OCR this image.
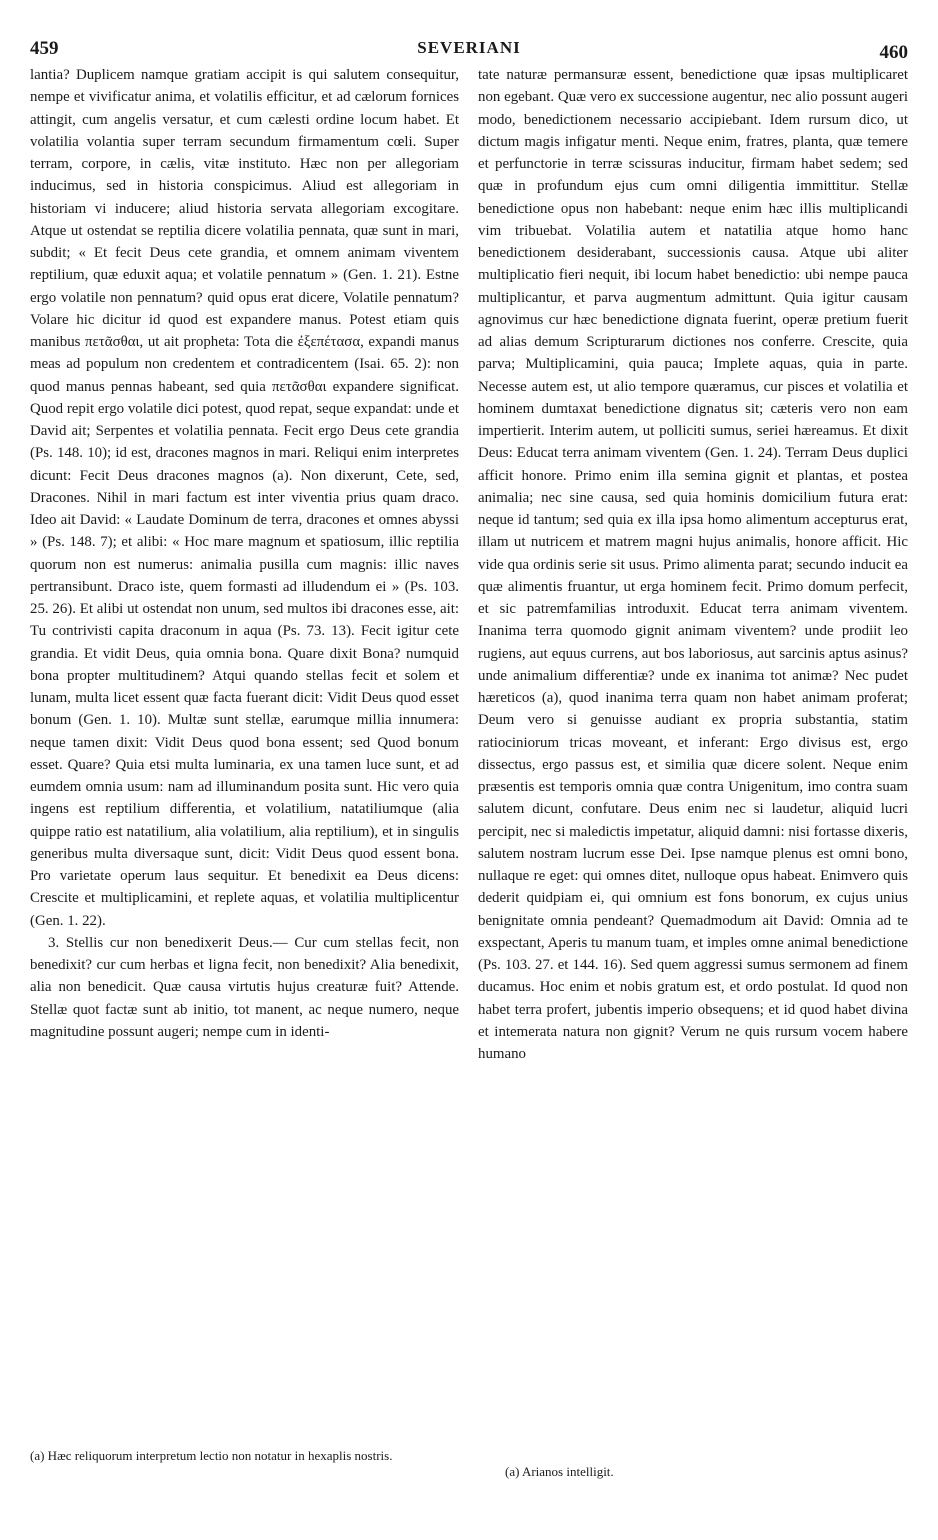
459	SEVERIANI	460

lantia? Duplicem namque gratiam accipit is qui salutem consequitur, nempe et vivificatur anima, et volatilis efficitur, et ad cælorum fornices attingit, cum angelis versatur, et cum cælesti ordine locum habet. Et volatilia volantia super terram secundum firmamentum cœli. Super terram, corpore, in cælis, vitæ instituto. Hæc non per allegoriam inducimus, sed in historia conspicimus. Aliud est allegoriam in historiam vi inducere; aliud historia servata allegoriam excogitare. Atque ut ostendat se reptilia dicere volatilia pennata, quæ sunt in mari, subdit; « Et fecit Deus cete grandia, et omnem animam viventem reptilium, quæ eduxit aqua; et volatile pennatum » (Gen. 1. 21). Estne ergo volatile non pennatum? quid opus erat dicere, Volatile pennatum? Volare hic dicitur id quod est expandere manus. Potest etiam quis manibus πετᾶσθαι, ut ait propheta: Tota die ἐξεπέτασα, expandi manus meas ad populum non credentem et contradicentem (Isai. 65. 2): non quod manus pennas habeant, sed quia πετᾶσθαι expandere significat. Quod repit ergo volatile dici potest, quod repat, seque expandat: unde et David ait; Serpentes et volatilia pennata. Fecit ergo Deus cete grandia (Ps. 148. 10); id est, dracones magnos in mari. Reliqui enim interpretes dicunt: Fecit Deus dracones magnos (a). Non dixerunt, Cete, sed, Dracones. Nihil in mari factum est inter viventia prius quam draco. Ideo ait David: « Laudate Dominum de terra, dracones et omnes abyssi » (Ps. 148. 7); et alibi: « Hoc mare magnum et spatiosum, illic reptilia quorum non est numerus: animalia pusilla cum magnis: illic naves pertransibunt. Draco iste, quem formasti ad illudendum ei » (Ps. 103. 25. 26). Et alibi ut ostendat non unum, sed multos ibi dracones esse, ait: Tu contrivisti capita draconum in aqua (Ps. 73. 13). Fecit igitur cete grandia. Et vidit Deus, quia omnia bona. Quare dixit Bona? numquid bona propter multitudinem? Atqui quando stellas fecit et solem et lunam, multa licet essent quæ facta fuerant dicit: Vidit Deus quod esset bonum (Gen. 1. 10). Multæ sunt stellæ, earumque millia innumera: neque tamen dixit: Vidit Deus quod bona essent; sed Quod bonum esset. Quare? Quia etsi multa luminaria, ex una tamen luce sunt, et ad eumdem omnia usum: nam ad illuminandum posita sunt. Hic vero quia ingens est reptilium differentia, et volatilium, natatiliumque (alia quippe ratio est natatilium, alia volatilium, alia reptilium), et in singulis generibus multa diversaque sunt, dicit: Vidit Deus quod essent bona. Pro varietate operum laus sequitur. Et benedixit ea Deus dicens: Crescite et multiplicamini, et replete aquas, et volatilia multiplicentur (Gen. 1. 22).

3. Stellis cur non benedixerit Deus.— Cur cum stellas fecit, non benedixit? cur cum herbas et ligna fecit, non benedixit? Alia benedixit, alia non benedicit. Quæ causa virtutis hujus creaturæ fuit? Attende. Stellæ quot factæ sunt ab initio, tot manent, ac neque numero, neque magnitudine possunt augeri; nempe cum in identi-

tate naturæ permansuræ essent, benedictione quæ ipsas multiplicaret non egebant. Quæ vero ex successione augentur, nec alio possunt augeri modo, benedictionem necessario accipiebant. Idem rursum dico, ut dictum magis infigatur menti. Neque enim, fratres, planta, quæ temere et perfunctorie in terræ scissuras inducitur, firmam habet sedem; sed quæ in profundum ejus cum omni diligentia immittitur. Stellæ benedictione opus non habebant: neque enim hæc illis multiplicandi vim tribuebat. Volatilia autem et natatilia atque homo hanc benedictionem desiderabant, successionis causa. Atque ubi aliter multiplicatio fieri nequit, ibi locum habet benedictio: ubi nempe pauca multiplicantur, et parva augmentum admittunt. Quia igitur causam agnovimus cur hæc benedictione dignata fuerint, operæ pretium fuerit ad alias demum Scripturarum dictiones nos conferre. Crescite, quia parva; Multiplicamini, quia pauca; Implete aquas, quia in parte. Necesse autem est, ut alio tempore quæramus, cur pisces et volatilia et hominem dumtaxat benedictione dignatus sit; cæteris vero non eam impertierit. Interim autem, ut polliciti sumus, seriei hæreamus. Et dixit Deus: Educat terra animam viventem (Gen. 1. 24). Terram Deus duplici afficit honore. Primo enim illa semina gignit et plantas, et postea animalia; nec sine causa, sed quia hominis domicilium futura erat: neque id tantum; sed quia ex illa ipsa homo alimentum accepturus erat, illam ut nutricem et matrem magni hujus animalis, honore afficit. Hic vide qua ordinis serie sit usus. Primo alimenta parat; secundo inducit ea quæ alimentis fruantur, ut erga hominem fecit. Primo domum perfecit, et sic patremfamilias introduxit. Educat terra animam viventem. Inanima terra quomodo gignit animam viventem? unde prodiit leo rugiens, aut equus currens, aut bos laboriosus, aut sarcinis aptus asinus? unde animalium differentiæ? unde ex inanima tot animæ? Nec pudet hæreticos (a), quod inanima terra quam non habet animam proferat; Deum vero si genuisse audiant ex propria substantia, statim ratiociniorum tricas moveant, et inferant: Ergo divisus est, ergo dissectus, ergo passus est, et similia quæ dicere solent. Neque enim præsentis est temporis omnia quæ contra Unigenitum, imo contra suam salutem dicunt, confutare. Deus enim nec si laudetur, aliquid lucri percipit, nec si maledictis impetatur, aliquid damni: nisi fortasse dixeris, salutem nostram lucrum esse Dei. Ipse namque plenus est omni bono, nullaque re eget: qui omnes ditet, nulloque opus habeat. Enimvero quis dederit quidpiam ei, qui omnium est fons bonorum, ex cujus unius benignitate omnia pendeant? Quemadmodum ait David: Omnia ad te exspectant, Aperis tu manum tuam, et imples omne animal benedictione (Ps. 103. 27. et 144. 16). Sed quem aggressi sumus sermonem ad finem ducamus. Hoc enim et nobis gratum est, et ordo postulat. Id quod non habet terra profert, jubentis imperio obsequens; et id quod habet divina et intemerata natura non gignit? Verum ne quis rursum vocem habere humano

(a) Hæc reliquorum interpretum lectio non notatur in hexaplis nostris.
(a) Arianos intelligit.
